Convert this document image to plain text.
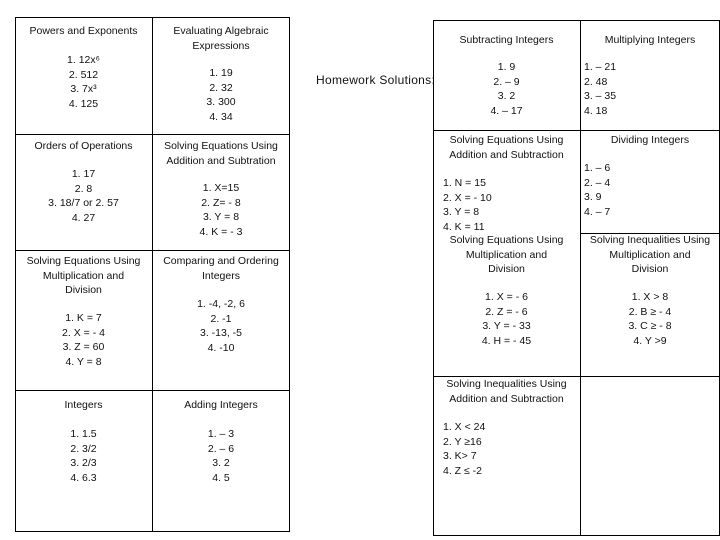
Powers and Exponents
1. 12x⁶
2. 512
3. 7x³
4. 125
Evaluating Algebraic
Expressions
1. 19
2. 32
3. 300
4. 34
Orders of Operations
1. 17
2. 8
3. 18/7 or 2. 57
4. 27
Solving Equations Using
Addition and Subtration
1. X=15
2. Z= - 8
3. Y = 8
4. K = - 3
Solving Equations Using
Multiplication and
Division
1. K = 7
2. X = - 4
3. Z = 60
4. Y = 8
Comparing and Ordering
Integers
1. -4, -2, 6
2. -1
3. -13, -5
4. -10
Integers
1. 1.5
2. 3/2
3. 2/3
4. 6.3
Adding Integers
1. – 3
2. – 6
3. 2
4. 5
Homework Solutions:
Subtracting Integers
1. 9
2. – 9
3. 2
4. – 17
Multiplying Integers
1. – 21
2. 48
3. – 35
4. 18
Solving Equations Using
Addition and Subtraction
1. N = 15
2. X = - 10
3. Y = 8
4. K = 11
Dividing Integers
1. – 6
2. – 4
3. 9
4. – 7
Solving Equations Using
Multiplication and
Division
1. X = - 6
2. Z = - 6
3. Y = - 33
4. H = - 45
Solving Inequalities Using
Multiplication and
Division
1. X > 8
2. B ≥ - 4
3. C ≥ - 8
4. Y >9
Solving Inequalities Using
Addition and Subtraction
1. X < 24
2. Y ≥16
3. K> 7
4. Z ≤ -2
